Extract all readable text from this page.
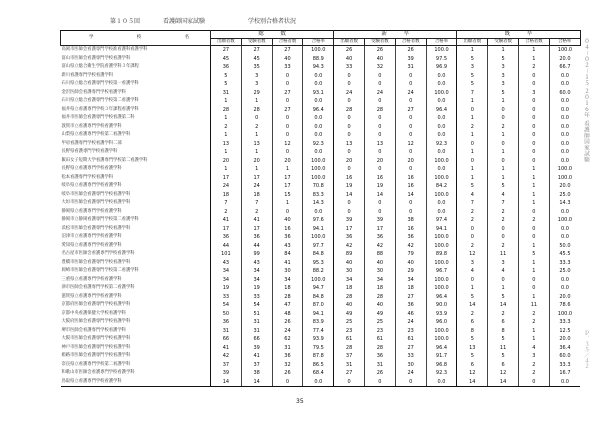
第１０５回	看護師国家試験	学校別合格者状況
学 校 名	総　　　数				新　　　卒				既　　　卒			
	出願者数	受験者数	合格者数	合格率	出願者数	受験者数	合格者数	合格率	出願者数	受験者数	合格者数	合格率
高岡市医師会看護専門学校准看護科看護学科	27	27	27	100.0	26	26	26	100.0	1	1	1	100.0
富山市医師会看護専門学校看護学科	45	45	40	88.9	40	40	39	97.5	5	5	1	20.0
富山県立総合衛生学院看護学科３年課程	36	35	33	94.3	33	32	31	96.9	3	3	2	66.7
新川看護専門学校看護学科	5	3	0	0.0	0	0	0	0.0	5	3	0	0.0
石川県立総合看護専門学校第一看護学科	5	3	0	0.0	0	0	0	0.0	5	3	0	0.0
金沢医師会看護専門学校看護学科	31	29	27	93.1	24	24	24	100.0	7	5	3	60.0
石川県立総合看護専門学校第二看護学科	1	1	0	0.0	0	0	0	0.0	1	1	0	0.0
福井県立看護専門学校３年課程看護学科	28	28	27	96.4	28	28	27	96.4	0	0	0	0.0
福井市医師会看護専門学校看護第二科	1	0	0	0.0	0	0	0	0.0	1	0	0	0.0
敦賀市立看護専門学校看護学科	2	2	0	0.0	0	0	0	0.0	2	2	0	0.0
山梨県立看護専門学校第二看護学科	1	1	0	0.0	0	0	0	0.0	1	1	0	0.0
甲府看護専門学校看護学科二部	13	13	12	92.3	13	13	12	92.3	0	0	0	0.0
長野県看護専門学校看護学科	1	1	0	0.0	0	0	0	0.0	1	1	0	0.0
飯田女子短期大学看護専門学校第二看護学科	20	20	20	100.0	20	20	20	100.0	0	0	0	0.0
長野県立看護専門学校看護学科	1	1	1	100.0	0	0	0	0.0	1	1	1	100.0
松本看護専門学校看護学科	17	17	17	100.0	16	16	16	100.0	1	1	1	100.0
岐阜県立看護専門学校看護学科	24	24	17	70.8	19	19	16	84.2	5	5	1	20.0
岐阜市医師会看護専門学校看護学科	18	18	15	83.3	14	14	14	100.0	4	4	1	25.0
大垣市医師会看護専門学校看護学科	7	7	1	14.3	0	0	0	0.0	7	7	1	14.3
静岡県立看護専門学校看護学科	2	2	0	0.0	0	0	0	0.0	2	2	0	0.0
静岡市立静岡看護専門学校第二看護学科	41	41	40	97.6	39	39	38	97.4	2	2	2	100.0
浜松市医師会看護専門学校看護学科	17	17	16	94.1	17	17	16	94.1	0	0	0	0.0
沼津市立看護専門学校看護学科	36	36	36	100.0	36	36	36	100.0	0	0	0	0.0
愛知県立看護専門学校看護学科	44	44	43	97.7	42	42	42	100.0	2	2	1	50.0
名古屋市医師会看護専門学校看護学科	101	99	84	84.8	89	88	79	89.8	12	11	5	45.5
豊橋市医師会看護専門学校看護学科	43	43	41	95.3	40	40	40	100.0	3	3	1	33.3
岡崎市医師会看護専門学校第二看護学科	34	34	30	88.2	30	30	29	96.7	4	4	1	25.0
三重県立看護専門学校看護学科	34	34	34	100.0	34	34	34	100.0	0	0	0	0.0
津市医師会看護専門学校第二看護学科	19	19	18	94.7	18	18	18	100.0	1	1	0	0.0
滋賀県立看護専門学校看護学科	33	33	28	84.8	28	28	27	96.4	5	5	1	20.0
京都府医師会看護専門学校看護学科	54	54	47	87.0	40	40	36	90.0	14	14	11	78.6
京都中央看護保健大学校看護学科	50	51	48	94.1	49	49	46	93.9	2	2	2	100.0
大阪府医師会看護専門学校看護学科	36	31	26	83.9	25	25	24	96.0	6	6	2	33.3
堺市医師会看護専門学校看護学科	31	31	24	77.4	23	23	23	100.0	8	8	1	12.5
大阪市医師会看護専門学校看護学科	66	66	62	93.9	61	61	61	100.0	5	5	1	20.0
神戸市医師会看護専門学校看護学科	41	39	31	79.5	28	28	27	96.4	13	11	4	36.4
姫路市医師会看護専門学校看護学科	42	41	36	87.8	37	36	33	91.7	5	5	3	60.0
奈良県立看護専門学校第二看護学科	37	37	32	86.5	31	31	30	96.8	6	6	2	33.3
和歌山市医師会看護専門学校看護学科	39	38	26	68.4	27	26	24	92.3	12	12	2	16.7
鳥取県立看護専門学校看護学科	14	14	0	0.0	0	0	0	0.0	14	14	0	0.0
35
０４－０２－１５ ２０１６年 看護師国家試験
ｐ．３５／４２
